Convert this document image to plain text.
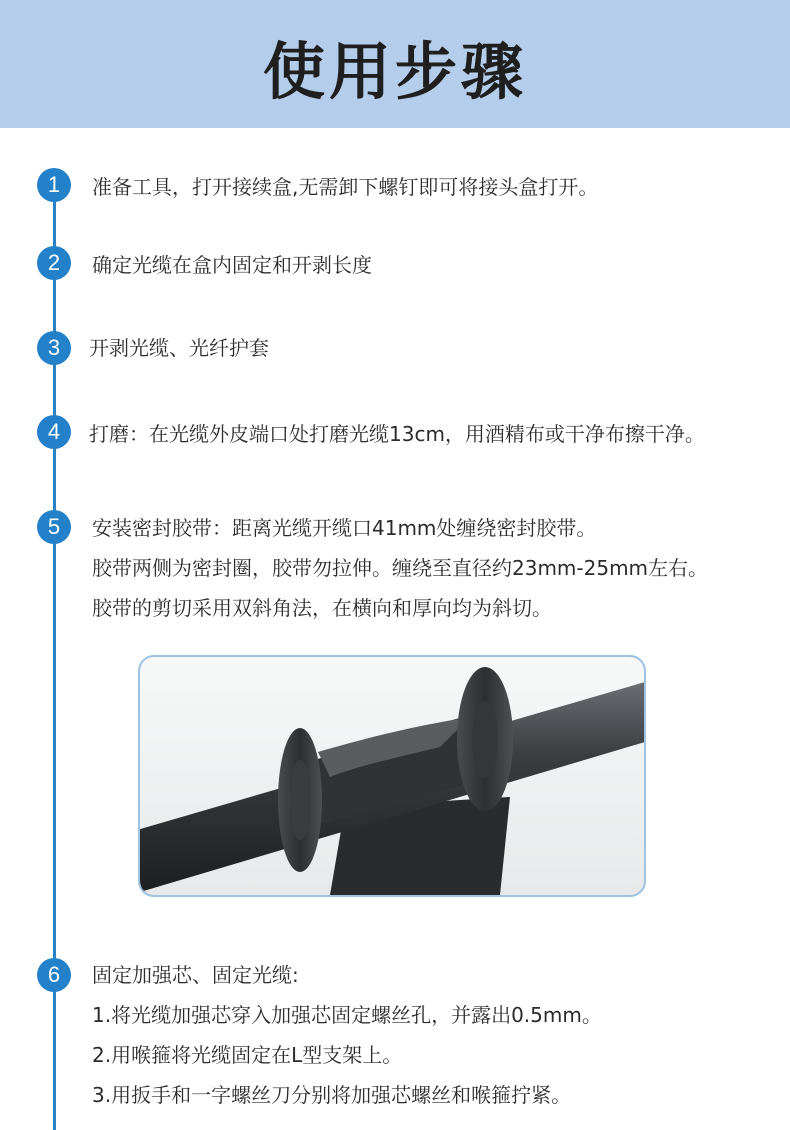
使用步骤
1	准备工具，打开接续盒,无需卸下螺钉即可将接头盒打开。
2	确定光缆在盒内固定和开剥长度
3	开剥光缆、光纤护套
4	打磨：在光缆外皮端口处打磨光缆13cm，用酒精布或干净布擦干净。
5	安装密封胶带：距离光缆开缆口41mm处缠绕密封胶带。
胶带两侧为密封圈，胶带勿拉伸。缠绕至直径约23mm-25mm左右。
胶带的剪切采用双斜角法，在横向和厚向均为斜切。
6	固定加强芯、固定光缆:
1.将光缆加强芯穿入加强芯固定螺丝孔，并露出0.5mm。
2.用喉箍将光缆固定在L型支架上。
3.用扳手和一字螺丝刀分别将加强芯螺丝和喉箍拧紧。
